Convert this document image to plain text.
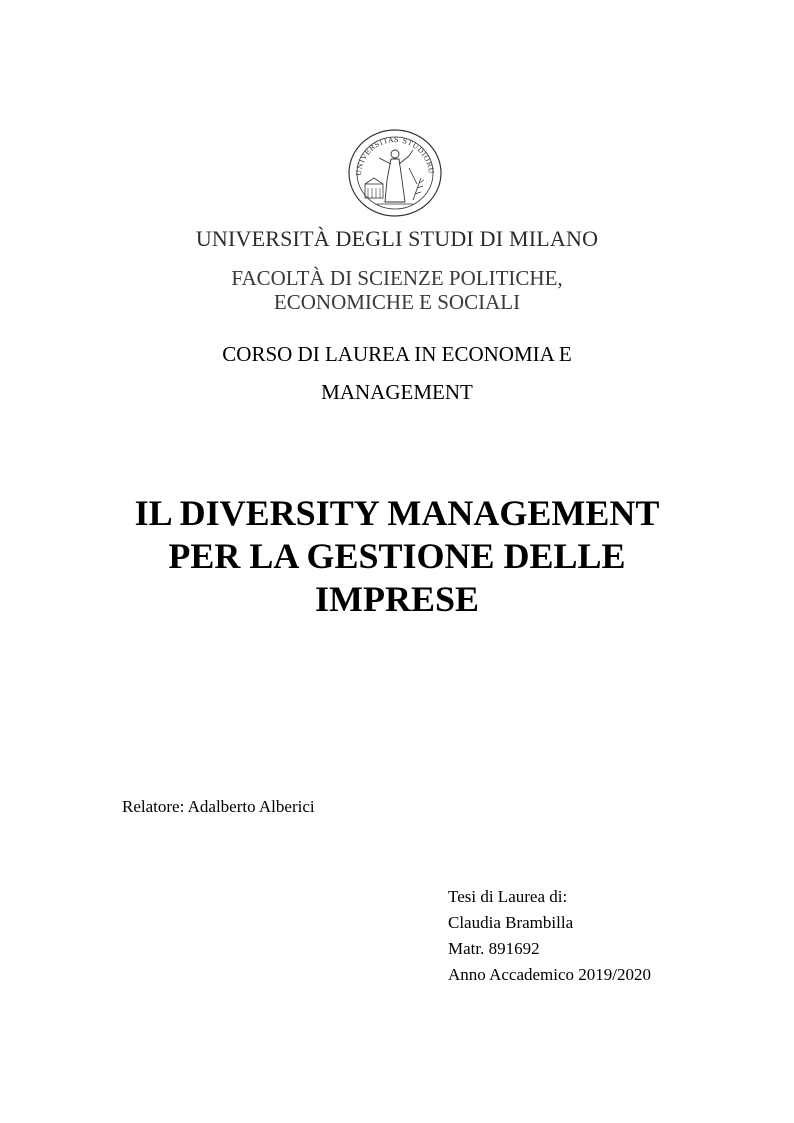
UNIVERSITAS STUDIORU
UNIVERSITÀ DEGLI STUDI DI MILANO
FACOLTÀ DI SCIENZE POLITICHE,
ECONOMICHE E SOCIALI
CORSO DI LAUREA IN ECONOMIA E
MANAGEMENT
IL DIVERSITY MANAGEMENT
PER LA GESTIONE DELLE
IMPRESE
Relatore: Adalberto Alberici
Tesi di Laurea di:
Claudia Brambilla
Matr. 891692
Anno Accademico 2019/2020
